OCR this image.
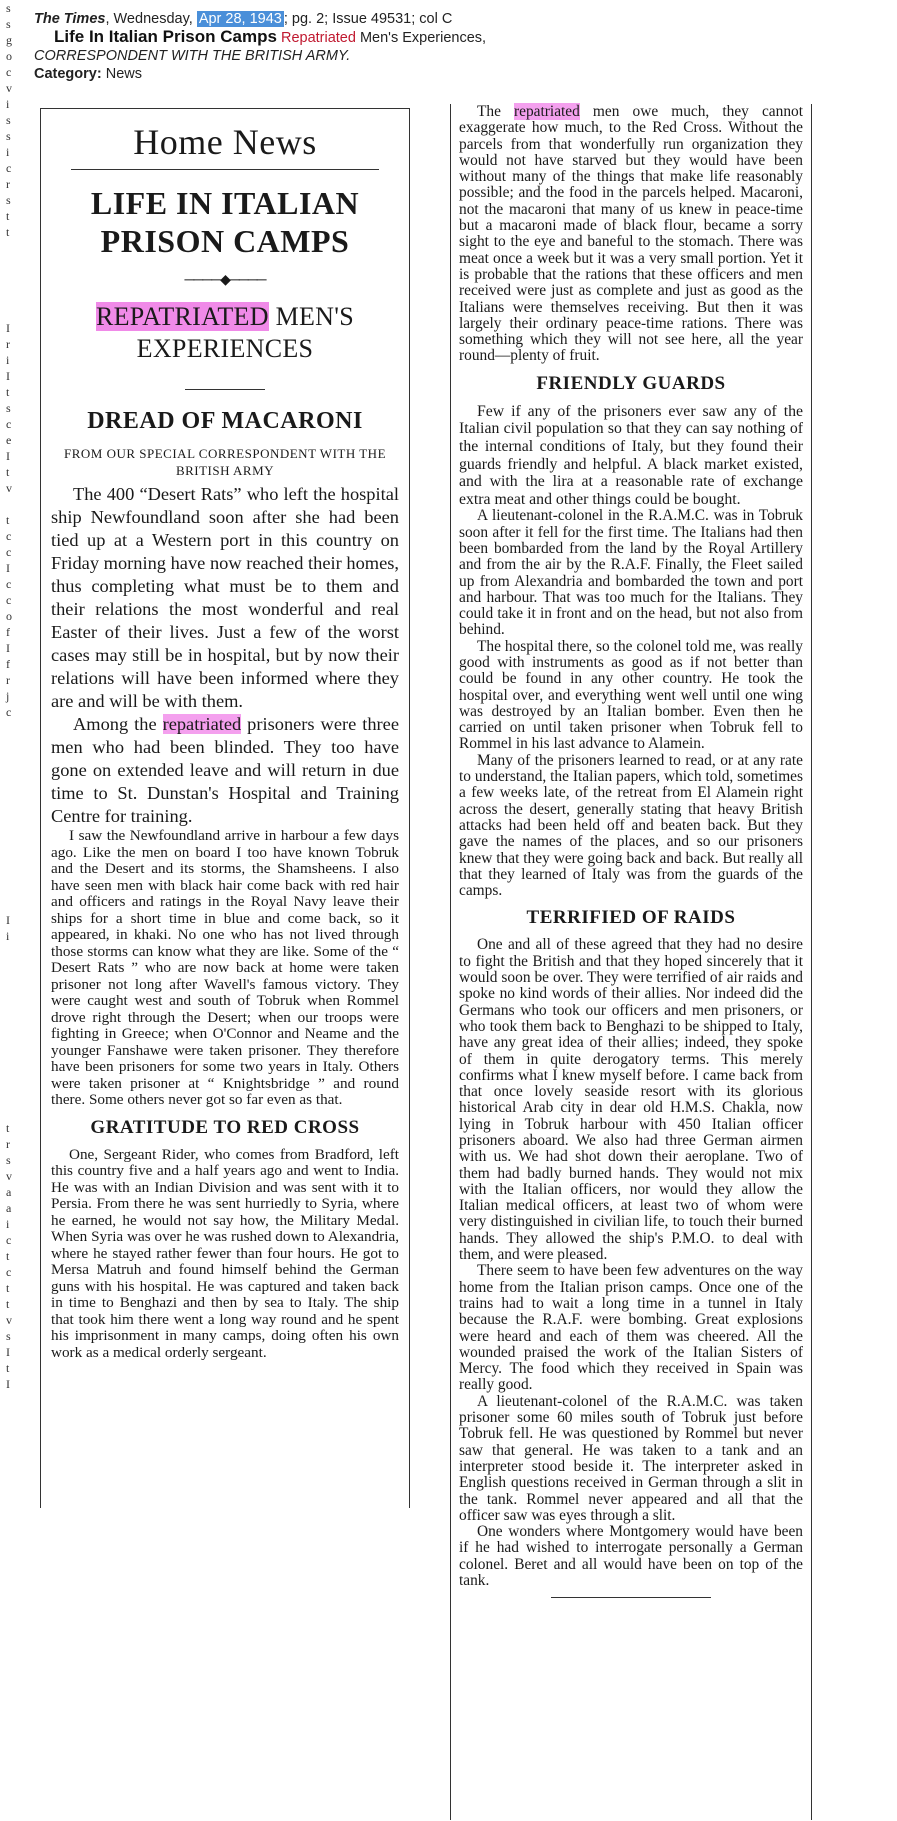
The Times, Wednesday, Apr 28, 1943 ; pg. 2; Issue 49531; col C
Life In Italian Prison Camps Repatriated Men's Experiences,
CORRESPONDENT WITH THE BRITISH ARMY.
Category: News
Home News
LIFE IN ITALIAN PRISON CAMPS
────◆────
REPATRIATED MEN'S EXPERIENCES
DREAD OF MACARONI
FROM OUR SPECIAL CORRESPONDENT WITH THE BRITISH ARMY

The 400 “Desert Rats” who left the hospital ship Newfoundland soon after she had been tied up at a Western port in this country on Friday morning have now reached their homes, thus completing what must be to them and their relations the most wonderful and real Easter of their lives. Just a few of the worst cases may still be in hospital, but by now their relations will have been informed where they are and will be with them.

Among the repatriated prisoners were three men who had been blinded. They too have gone on extended leave and will return in due time to St. Dunstan's Hospital and Training Centre for training.

I saw the Newfoundland arrive in harbour a few days ago. Like the men on board I too have known Tobruk and the Desert and its storms, the Shamsheens. I also have seen men with black hair come back with red hair and officers and ratings in the Royal Navy leave their ships for a short time in blue and come back, so it appeared, in khaki. No one who has not lived through those storms can know what they are like. Some of the “ Desert Rats ” who are now back at home were taken prisoner not long after Wavell's famous victory. They were caught west and south of Tobruk when Rommel drove right through the Desert; when our troops were fighting in Greece; when O'Connor and Neame and the younger Fanshawe were taken prisoner. They therefore have been prisoners for some two years in Italy. Others were taken prisoner at “ Knightsbridge ” and round there. Some others never got so far even as that.

GRATITUDE TO RED CROSS

One, Sergeant Rider, who comes from Bradford, left this country five and a half years ago and went to India. He was with an Indian Division and was sent with it to Persia. From there he was sent hurriedly to Syria, where he earned, he would not say how, the Military Medal. When Syria was over he was rushed down to Alexandria, where he stayed rather fewer than four hours. He got to Mersa Matruh and found himself behind the German guns with his hospital. He was captured and taken back in time to Benghazi and then by sea to Italy. The ship that took him there went a long way round and he spent his imprisonment in many camps, doing often his own work as a medical orderly sergeant.

The repatriated men owe much, they cannot exaggerate how much, to the Red Cross. Without the parcels from that wonderfully run organization they would not have starved but they would have been without many of the things that make life reasonably possible; and the food in the parcels helped. Macaroni, not the macaroni that many of us knew in peace-time but a macaroni made of black flour, became a sorry sight to the eye and baneful to the stomach. There was meat once a week but it was a very small portion. Yet it is probable that the rations that these officers and men received were just as complete and just as good as the Italians were themselves receiving. But then it was largely their ordinary peace-time rations. There was something which they will not see here, all the year round—plenty of fruit.

FRIENDLY GUARDS

Few if any of the prisoners ever saw any of the Italian civil population so that they can say nothing of the internal conditions of Italy, but they found their guards friendly and helpful. A black market existed, and with the lira at a reasonable rate of exchange extra meat and other things could be bought.

A lieutenant-colonel in the R.A.M.C. was in Tobruk soon after it fell for the first time. The Italians had then been bombarded from the land by the Royal Artillery and from the air by the R.A.F. Finally, the Fleet sailed up from Alexandria and bombarded the town and port and harbour. That was too much for the Italians. They could take it in front and on the head, but not also from behind.

The hospital there, so the colonel told me, was really good with instruments as good as if not better than could be found in any other country. He took the hospital over, and everything went well until one wing was destroyed by an Italian bomber. Even then he carried on until taken prisoner when Tobruk fell to Rommel in his last advance to Alamein.

Many of the prisoners learned to read, or at any rate to understand, the Italian papers, which told, sometimes a few weeks late, of the retreat from El Alamein right across the desert, generally stating that heavy British attacks had been held off and beaten back. But they gave the names of the places, and so our prisoners knew that they were going back and back. But really all that they learned of Italy was from the guards of the camps.

TERRIFIED OF RAIDS

One and all of these agreed that they had no desire to fight the British and that they hoped sincerely that it would soon be over. They were terrified of air raids and spoke no kind words of their allies. Nor indeed did the Germans who took our officers and men prisoners, or who took them back to Benghazi to be shipped to Italy, have any great idea of their allies; indeed, they spoke of them in quite derogatory terms. This merely confirms what I knew myself before. I came back from that once lovely seaside resort with its glorious historical Arab city in dear old H.M.S. Chakla, now lying in Tobruk harbour with 450 Italian officer prisoners aboard. We also had three German airmen with us. We had shot down their aeroplane. Two of them had badly burned hands. They would not mix with the Italian officers, nor would they allow the Italian medical officers, at least two of whom were very distinguished in civilian life, to touch their burned hands. They allowed the ship's P.M.O. to deal with them, and were pleased.

There seem to have been few adventures on the way home from the Italian prison camps. Once one of the trains had to wait a long time in a tunnel in Italy because the R.A.F. were bombing. Great explosions were heard and each of them was cheered. All the wounded praised the work of the Italian Sisters of Mercy. The food which they received in Spain was really good.

A lieutenant-colonel of the R.A.M.C. was taken prisoner some 60 miles south of Tobruk just before Tobruk fell. He was questioned by Rommel but never saw that general. He was taken to a tank and an interpreter stood beside it. The interpreter asked in English questions received in German through a slit in the tank. Rommel never appeared and all that the officer saw was eyes through a slit.

One wonders where Montgomery would have been if he had wished to interrogate personally a German colonel. Beret and all would have been on top of the tank.

s
s
g
o
c
v
i
s
s
i
c
r
s
t
t

I
r
i
I
t
s
c
e
I
t
v

t
c
c
I
c
c
o
f
I
f
r
j
c

I
i

t
r
s
v
a
a
i
c
t
c
t
t
v
s
I
t
I
